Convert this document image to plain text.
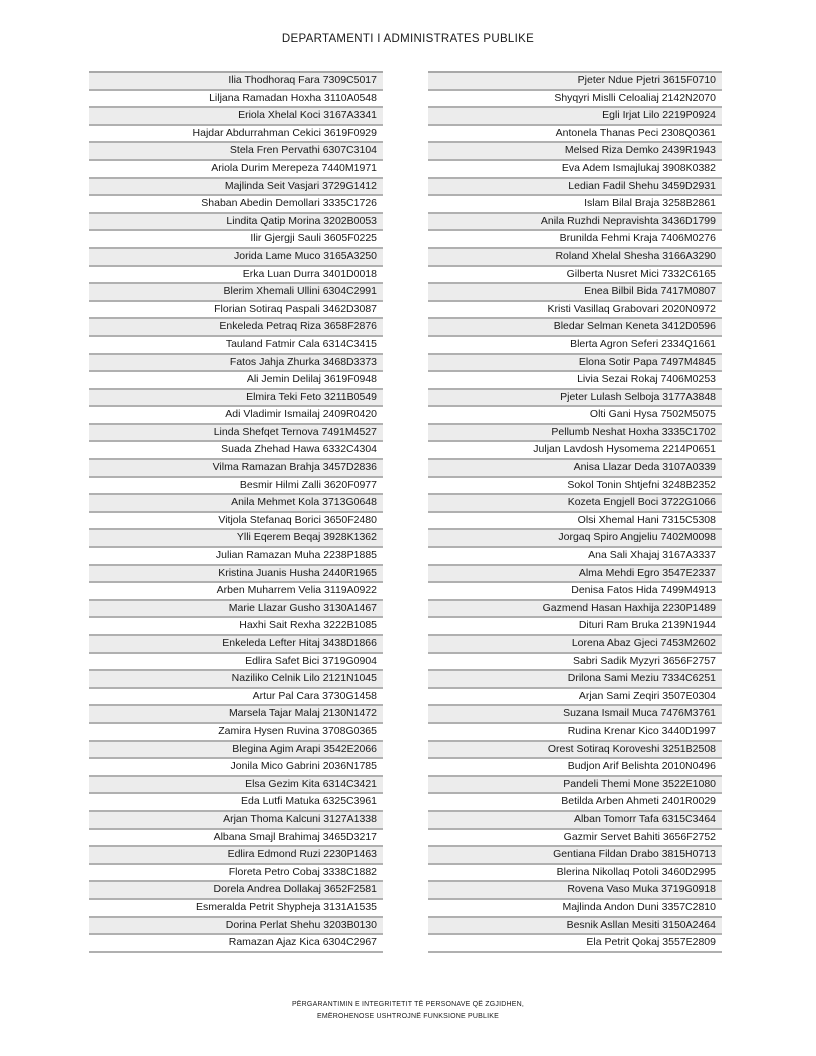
DEPARTAMENTI I ADMINISTRATES PUBLIKE
Ilia Thodhoraq Fara 7309C5017
Liljana Ramadan Hoxha 3110A0548
Eriola Xhelal Koci 3167A3341
Hajdar Abdurrahman Cekici 3619F0929
Stela Fren Pervathi 6307C3104
Ariola Durim Merepeza 7440M1971
Majlinda Seit Vasjari 3729G1412
Shaban Abedin Demollari 3335C1726
Lindita Qatip Morina 3202B0053
Ilir Gjergji Sauli 3605F0225
Jorida Lame Muco 3165A3250
Erka Luan Durra 3401D0018
Blerim Xhemali Ullini 6304C2991
Florian Sotiraq Paspali 3462D3087
Enkeleda Petraq Riza 3658F2876
Tauland Fatmir Cala 6314C3415
Fatos Jahja Zhurka 3468D3373
Ali Jemin Delilaj 3619F0948
Elmira Teki Feto 3211B0549
Adi Vladimir Ismailaj 2409R0420
Linda Shefqet Ternova 7491M4527
Suada Zhehad Hawa 6332C4304
Vilma Ramazan Brahja 3457D2836
Besmir Hilmi Zalli 3620F0977
Anila Mehmet Kola 3713G0648
Vitjola Stefanaq Borici 3650F2480
Ylli Eqerem Beqaj 3928K1362
Julian Ramazan Muha 2238P1885
Kristina Juanis Husha 2440R1965
Arben Muharrem Velia 3119A0922
Marie Llazar Gusho 3130A1467
Haxhi Sait Rexha 3222B1085
Enkeleda Lefter Hitaj 3438D1866
Edlira Safet Bici 3719G0904
Naziliko Celnik Lilo 2121N1045
Artur Pal Cara 3730G1458
Marsela Tajar Malaj 2130N1472
Zamira Hysen Ruvina 3708G0365
Blegina Agim Arapi 3542E2066
Jonila Mico Gabrini 2036N1785
Elsa Gezim Kita 6314C3421
Eda Lutfi Matuka 6325C3961
Arjan Thoma Kalcuni 3127A1338
Albana Smajl Brahimaj 3465D3217
Edlira Edmond Ruzi 2230P1463
Floreta Petro Cobaj 3338C1882
Dorela Andrea Dollakaj 3652F2581
Esmeralda Petrit Shypheja 3131A1535
Dorina Perlat Shehu 3203B0130
Ramazan Ajaz Kica 6304C2967
Pjeter Ndue Pjetri 3615F0710
Shyqyri Mislli Celoaliaj 2142N2070
Egli Irjat Lilo 2219P0924
Antonela Thanas Peci 2308Q0361
Melsed Riza Demko 2439R1943
Eva Adem Ismajlukaj 3908K0382
Ledian Fadil Shehu 3459D2931
Islam Bilal Braja 3258B2861
Anila Ruzhdi Nepravishta 3436D1799
Brunilda Fehmi Kraja 7406M0276
Roland Xhelal Shesha 3166A3290
Gilberta Nusret Mici 7332C6165
Enea Bilbil Bida 7417M0807
Kristi Vasillaq Grabovari 2020N0972
Bledar Selman Keneta 3412D0596
Blerta Agron Seferi 2334Q1661
Elona Sotir Papa 7497M4845
Livia Sezai Rokaj 7406M0253
Pjeter Lulash Selboja 3177A3848
Olti Gani Hysa 7502M5075
Pellumb Neshat Hoxha 3335C1702
Juljan Lavdosh Hysomema 2214P0651
Anisa Llazar Deda 3107A0339
Sokol Tonin Shtjefni 3248B2352
Kozeta Engjell Boci 3722G1066
Olsi Xhemal Hani 7315C5308
Jorgaq Spiro Angjeliu 7402M0098
Ana Sali Xhajaj 3167A3337
Alma Mehdi Egro 3547E2337
Denisa Fatos Hida 7499M4913
Gazmend Hasan Haxhija 2230P1489
Dituri Ram Bruka 2139N1944
Lorena Abaz Gjeci 7453M2602
Sabri Sadik Myzyri 3656F2757
Drilona Sami Meziu 7334C6251
Arjan Sami Zeqiri 3507E0304
Suzana Ismail Muca 7476M3761
Rudina Krenar Kico 3440D1997
Orest Sotiraq Koroveshi 3251B2508
Budjon Arif Belishta 2010N0496
Pandeli Themi Mone 3522E1080
Betilda Arben Ahmeti 2401R0029
Alban Tomorr Tafa 6315C3464
Gazmir Servet Bahiti 3656F2752
Gentiana Fildan Drabo 3815H0713
Blerina Nikollaq Potoli 3460D2995
Rovena Vaso Muka 3719G0918
Majlinda Andon Duni 3357C2810
Besnik Asllan Mesiti 3150A2464
Ela Petrit Qokaj 3557E2809
PËRGARANTIMIN E INTEGRITETIT TË PERSONAVE QË ZGJIDHEN,
EMËROHENOSE USHTROJNË FUNKSIONE PUBLIKE
